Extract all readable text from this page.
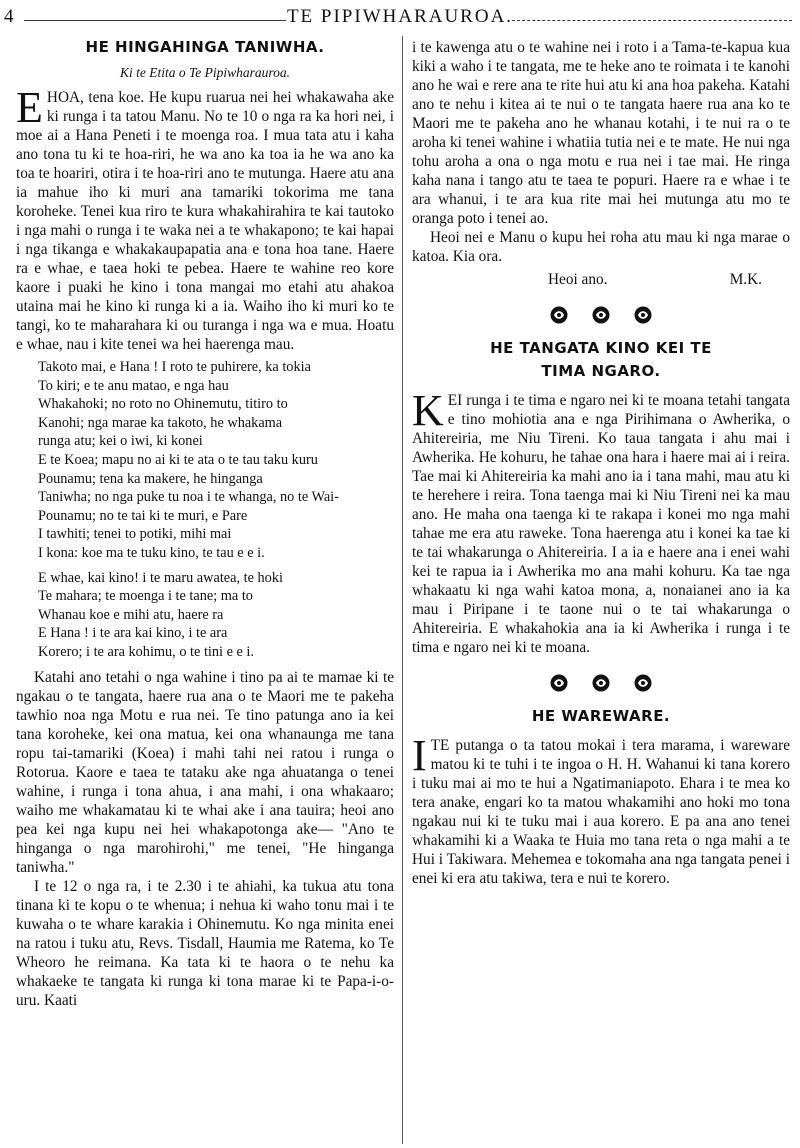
4	TE PIPIWHARAUROA.
HE HINGAHINGA TANIWHA.
Ki te Etita o Te Pipiwharauroa.

EHOA, tena koe. He kupu ruarua nei hei whakawaha ake ki runga i ta tatou Manu. No te 10 o nga ra ka hori nei, i moe ai a Hana Peneti i te moenga roa. I mua tata atu i kaha ano tona tu ki te hoa-riri, he wa ano ka toa ia he wa ano ka toa te hoariri, otira i te hoa-riri ano te mutunga. Haere atu ana ia mahue iho ki muri ana tamariki tokorima me tana koroheke. Tenei kua riro te kura whakahirahira te kai tautoko i nga mahi o runga i te waka nei a te whakapono; te kai hapai i nga tikanga e whakakaupapatia ana e tona hoa tane. Haere ra e whae, e taea hoki te pebea. Haere te wahine reo kore kaore i puaki he kino i tona mangai mo etahi atu ahakoa utaina mai he kino ki runga ki a ia. Waiho iho ki muri ko te tangi, ko te maharahara ki ou turanga i nga wa e mua. Hoatu e whae, nau i kite tenei wa hei haerenga mau.

Takoto mai, e Hana ! I roto te puhirere, ka tokia
To kiri; e te anu matao, e nga hau
Whakahoki; no roto no Ohinemutu, titiro to
Kanohi; nga marae ka takoto, he whakama
runga atu; kei o iwi, ki konei
E te Koea; mapu no ai ki te ata o te tau taku kuru
Pounamu; tena ka makere, he hinganga
Taniwha; no nga puke tu noa i te whanga, no te Wai-
Pounamu; no te tai ki te muri, e Pare
I tawhiti; tenei to potiki, mihi mai
I kona: koe ma te tuku kino, te tau e e i.
E whae, kai kino! i te maru awatea, te hoki
Te mahara; te moenga i te tane; ma to
Whanau koe e mihi atu, haere ra
E Hana ! i te ara kai kino, i te ara
Korero; i te ara kohimu, o te tini e e i.

Katahi ano tetahi o nga wahine i tino pa ai te mamae ki te ngakau o te tangata, haere rua ana o te Maori me te pakeha tawhio noa nga Motu e rua nei. Te tino patunga ano ia kei tana koroheke, kei ona matua, kei ona whanaunga me tana ropu tai-tamariki (Koea) i mahi tahi nei ratou i runga o Rotorua. Kaore e taea te tataku ake nga ahuatanga o tenei wahine, i runga i tona ahua, i ana mahi, i ona whakaaro; waiho me whakamatau ki te whai ake i ana tauira; heoi ano pea kei nga kupu nei hei whakapotonga ake— "Ano te hinganga o nga marohirohi," me tenei, "He hinganga taniwha."

I te 12 o nga ra, i te 2.30 i te ahiahi, ka tukua atu tona tinana ki te kopu o te whenua; i nehua ki waho tonu mai i te kuwaha o te whare karakia i Ohinemutu. Ko nga minita enei na ratou i tuku atu, Revs. Tisdall, Haumia me Ratema, ko Te Wheoro he reimana. Ka tata ki te haora o te nehu ka whakaeke te tangata ki runga ki tona marae ki te Papa-i-o-uru. Kaati

i te kawenga atu o te wahine nei i roto i a Tama-te-kapua kua kiki a waho i te tangata, me te heke ano te roimata i te kanohi ano he wai e rere ana te rite hui atu ki ana hoa pakeha. Katahi ano te nehu i kitea ai te nui o te tangata haere rua ana ko te Maori me te pakeha ano he whanau kotahi, i te nui ra o te aroha ki tenei wahine i whatiia tutia nei e te mate. He nui nga tohu aroha a ona o nga motu e rua nei i tae mai. He ringa kaha nana i tango atu te taea te popuri. Haere ra e whae i te ara whanui, i te ara kua rite mai hei mutunga atu mo te oranga poto i tenei ao.

Heoi nei e Manu o kupu hei roha atu mau ki nga marae o katoa. Kia ora.

Heoi ano.	M.K.
HE TANGATA KINO KEI TE
TIMA NGARO.

KEI runga i te tima e ngaro nei ki te moana tetahi tangata e tino mohiotia ana e nga Pirihimana o Awherika, o Ahitereiria, me Niu Tireni. Ko taua tangata i ahu mai i Awherika. He kohuru, he tahae ona hara i haere mai ai i reira. Tae mai ki Ahitereiria ka mahi ano ia i tana mahi, mau atu ki te herehere i reira. Tona taenga mai ki Niu Tireni nei ka mau ano. He maha ona taenga ki te rakapa i konei mo nga mahi tahae me era atu raweke. Tona haerenga atu i konei ka tae ki te tai whakarunga o Ahitereiria. I a ia e haere ana i enei wahi kei te rapua ia i Awherika mo ana mahi kohuru. Ka tae nga whakaatu ki nga wahi katoa mona, a, nonaianei ano ia ka mau i Piripane i te taone nui o te tai whakarunga o Ahitereiria. E whakahokia ana ia ki Awherika i runga i te tima e ngaro nei ki te moana.

HE WAREWARE.

ITE putanga o ta tatou mokai i tera marama, i wareware matou ki te tuhi i te ingoa o H. H. Wahanui ki tana korero i tuku mai ai mo te hui a Ngatimaniapoto. Ehara i te mea ko tera anake, engari ko ta matou whakamihi ano hoki mo tona ngakau nui ki te tuku mai i aua korero. E pa ana ano tenei whakamihi ki a Waaka te Huia mo tana reta o nga mahi a te Hui i Takiwara. Mehemea e tokomaha ana nga tangata penei i enei ki era atu takiwa, tera e nui te korero.
